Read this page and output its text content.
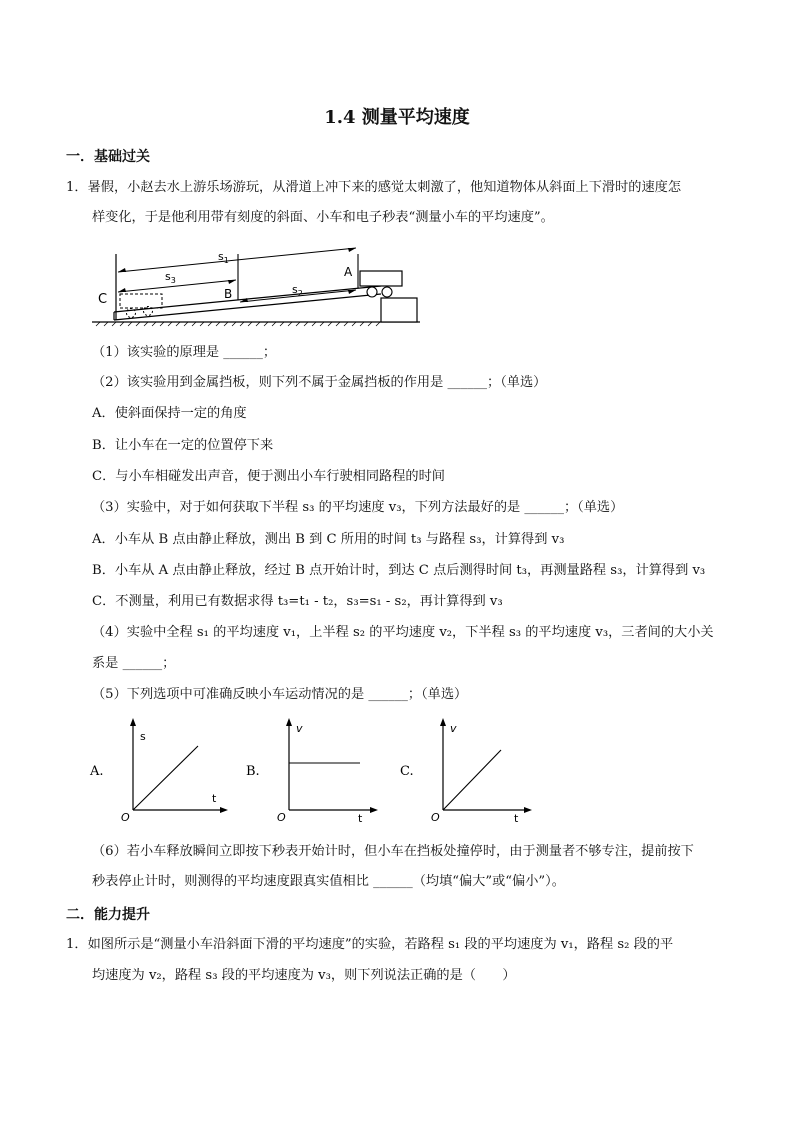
1.4 测量平均速度
一．基础过关
1．暑假，小赵去水上游乐场游玩，从滑道上冲下来的感觉太刺激了，他知道物体从斜面上下滑时的速度怎
样变化，于是他利用带有刻度的斜面、小车和电子秒表“测量小车的平均速度”。
$s_1$
$s_3$
$s_2$
A
B
C
（1）该实验的原理是 ______；
（2）该实验用到金属挡板，则下列不属于金属挡板的作用是 ______；（单选）
A．使斜面保持一定的角度
B．让小车在一定的位置停下来
C．与小车相碰发出声音，便于测出小车行驶相同路程的时间
（3）实验中，对于如何获取下半程 s₃ 的平均速度 v₃，下列方法最好的是 ______；（单选）
A．小车从 B 点由静止释放，测出 B 到 C 所用的时间 t₃ 与路程 s₃，计算得到 v₃
B．小车从 A 点由静止释放，经过 B 点开始计时，到达 C 点后测得时间 t₃，再测量路程 s₃，计算得到 v₃
C．不测量，利用已有数据求得 t₃=t₁ - t₂，s₃=s₁ - s₂，再计算得到 v₃
（4）实验中全程 s₁ 的平均速度 v₁，上半程 s₂ 的平均速度 v₂，下半程 s₃ 的平均速度 v₃，三者间的大小关
系是 ______；
（5）下列选项中可准确反映小车运动情况的是 ______；（单选）
A.
s
t
O
B.
v
t
O
C.
v
t
O
（6）若小车释放瞬间立即按下秒表开始计时，但小车在挡板处撞停时，由于测量者不够专注，提前按下
秒表停止计时，则测得的平均速度跟真实值相比 ______（均填“偏大”或“偏小”）。
二．能力提升
1．如图所示是“测量小车沿斜面下滑的平均速度”的实验，若路程 s₁ 段的平均速度为 v₁，路程 s₂ 段的平
均速度为 v₂，路程 s₃ 段的平均速度为 v₃，则下列说法正确的是（　　）
